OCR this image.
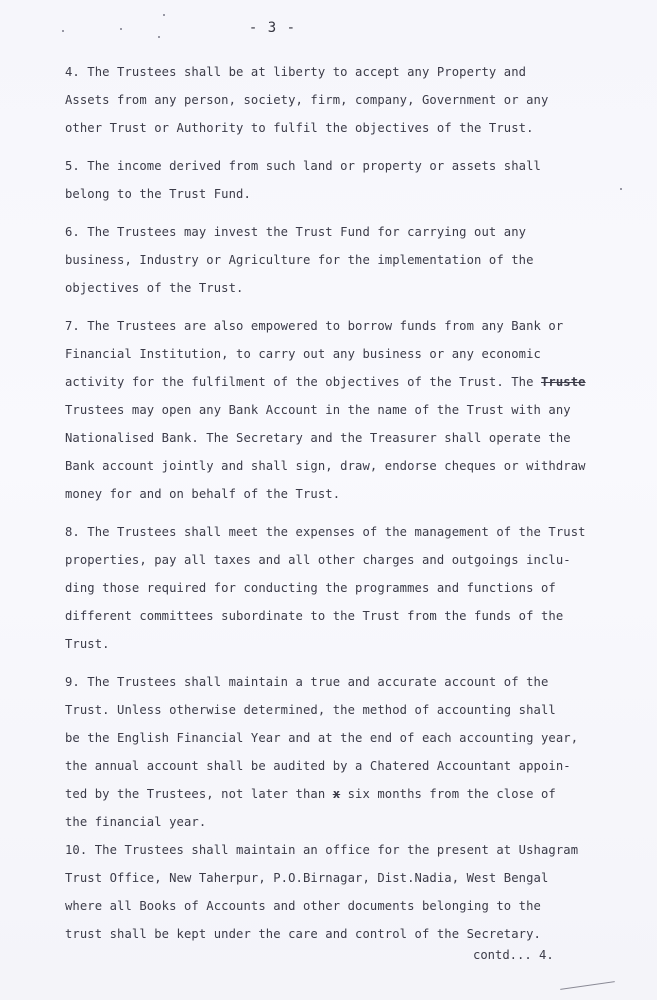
- 3 -

4. The Trustees shall be at liberty to accept any Property and
Assets from any person, society, firm, company, Government or any
other Trust or Authority to fulfil the objectives of the Trust.

5. The income derived from such land or property or assets shall
belong to the Trust Fund.

6. The Trustees may invest the Trust Fund for carrying out any
business, Industry or Agriculture for the implementation of the
objectives of the Trust.

7. The Trustees are also empowered to borrow funds from any Bank or
Financial Institution, to carry out any business or any economic
activity for the fulfilment of the objectives of the Trust. The Truste
Trustees may open any Bank Account in the name of the Trust with any
Nationalised Bank. The Secretary and the Treasurer shall operate the
Bank account jointly and shall sign, draw, endorse cheques or withdraw
money for and on behalf of the Trust.

8. The Trustees shall meet the expenses of the management of the Trust
properties, pay all taxes and all other charges and outgoings inclu-
ding those required for conducting the programmes and functions of
different committees subordinate to the Trust from the funds of the
Trust.

9. The Trustees shall maintain a true and accurate account of the
Trust. Unless otherwise determined, the method of accounting shall
be the English Financial Year and at the end of each accounting year,
the annual account shall be audited by a Chatered Accountant appoin-
ted by the Trustees, not later than x six months from the close of
the financial year.

10. The Trustees shall maintain an office for the present at Ushagram
Trust Office, New Taherpur, P.O.Birnagar, Dist.Nadia, West Bengal
where all Books of Accounts and other documents belonging to the
trust shall be kept under the care and control of the Secretary.

contd... 4.
